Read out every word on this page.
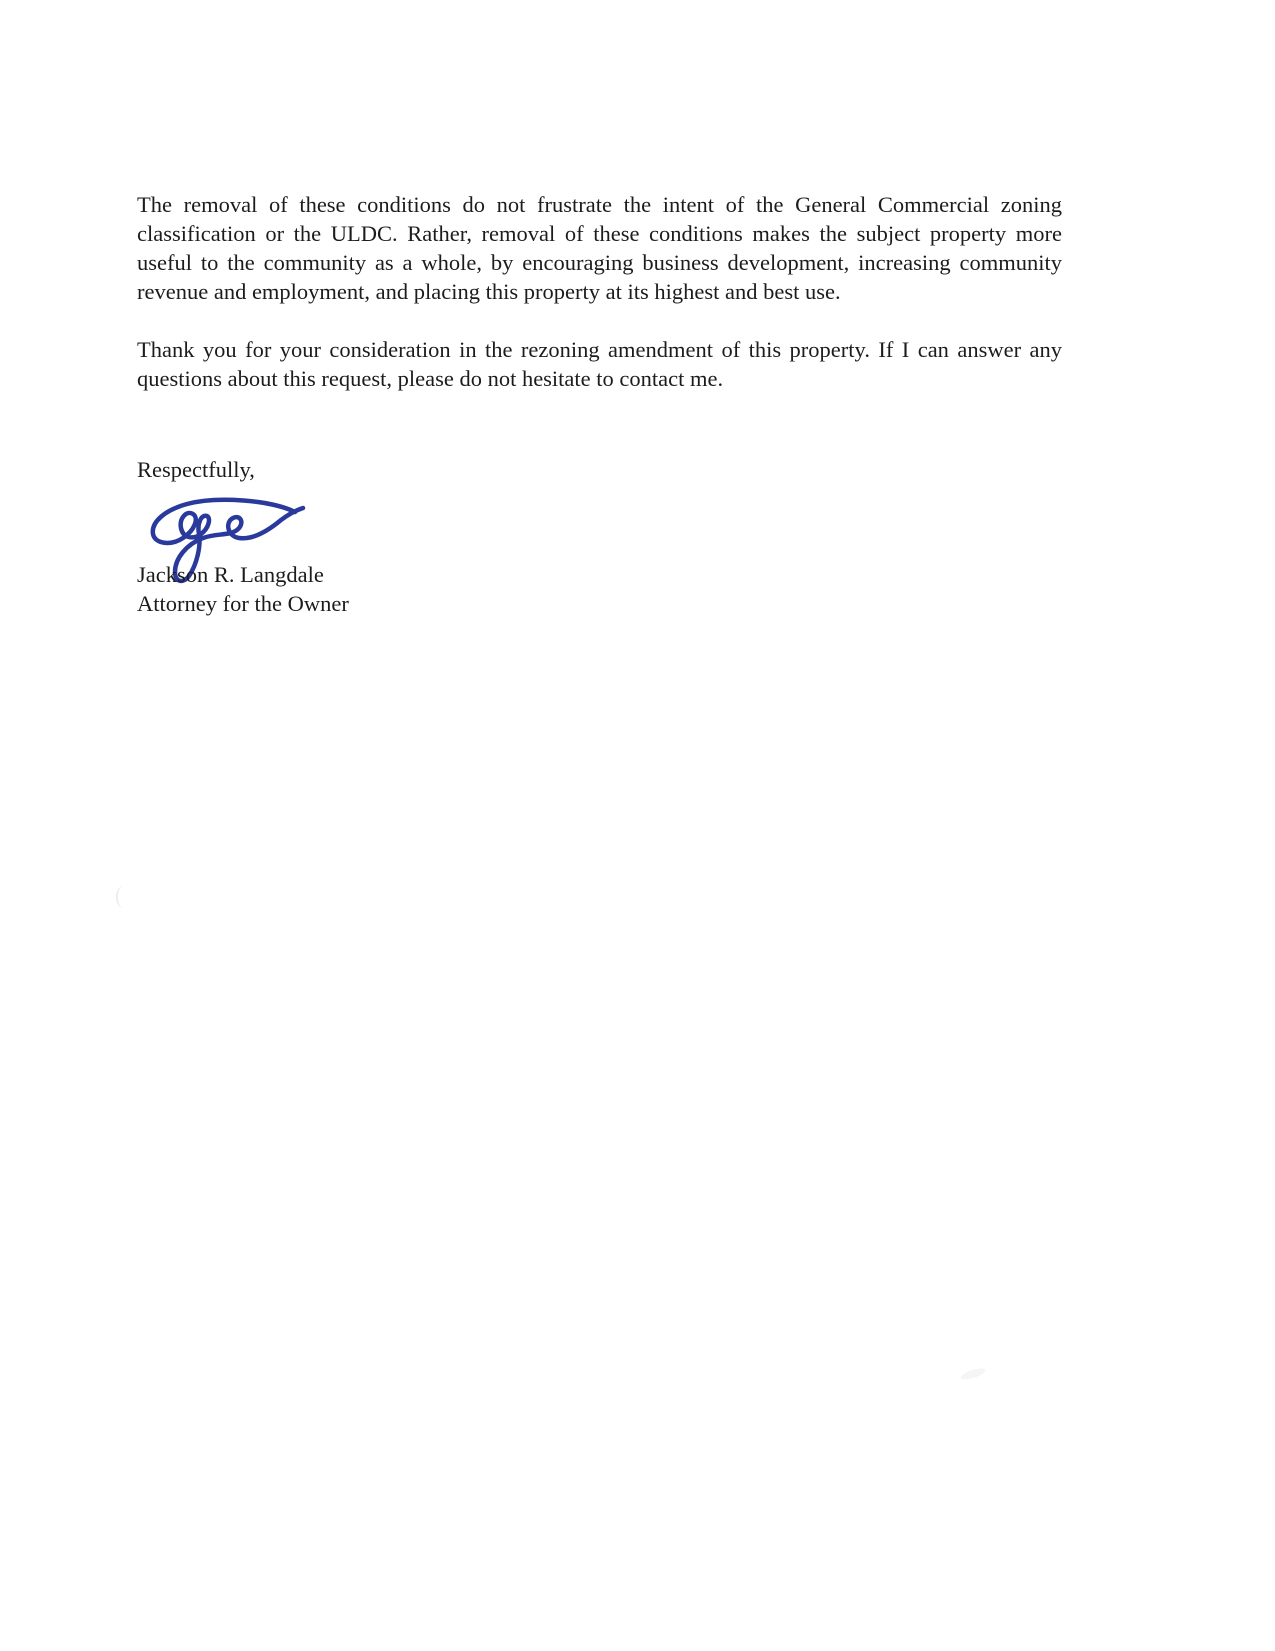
The removal of these conditions do not frustrate the intent of the General Commercial zoning classification or the ULDC. Rather, removal of these conditions makes the subject property more useful to the community as a whole, by encouraging business development, increasing community revenue and employment, and placing this property at its highest and best use.

Thank you for your consideration in the rezoning amendment of this property. If I can answer any questions about this request, please do not hesitate to contact me.

Respectfully,
Jackson R. Langdale
Attorney for the Owner
